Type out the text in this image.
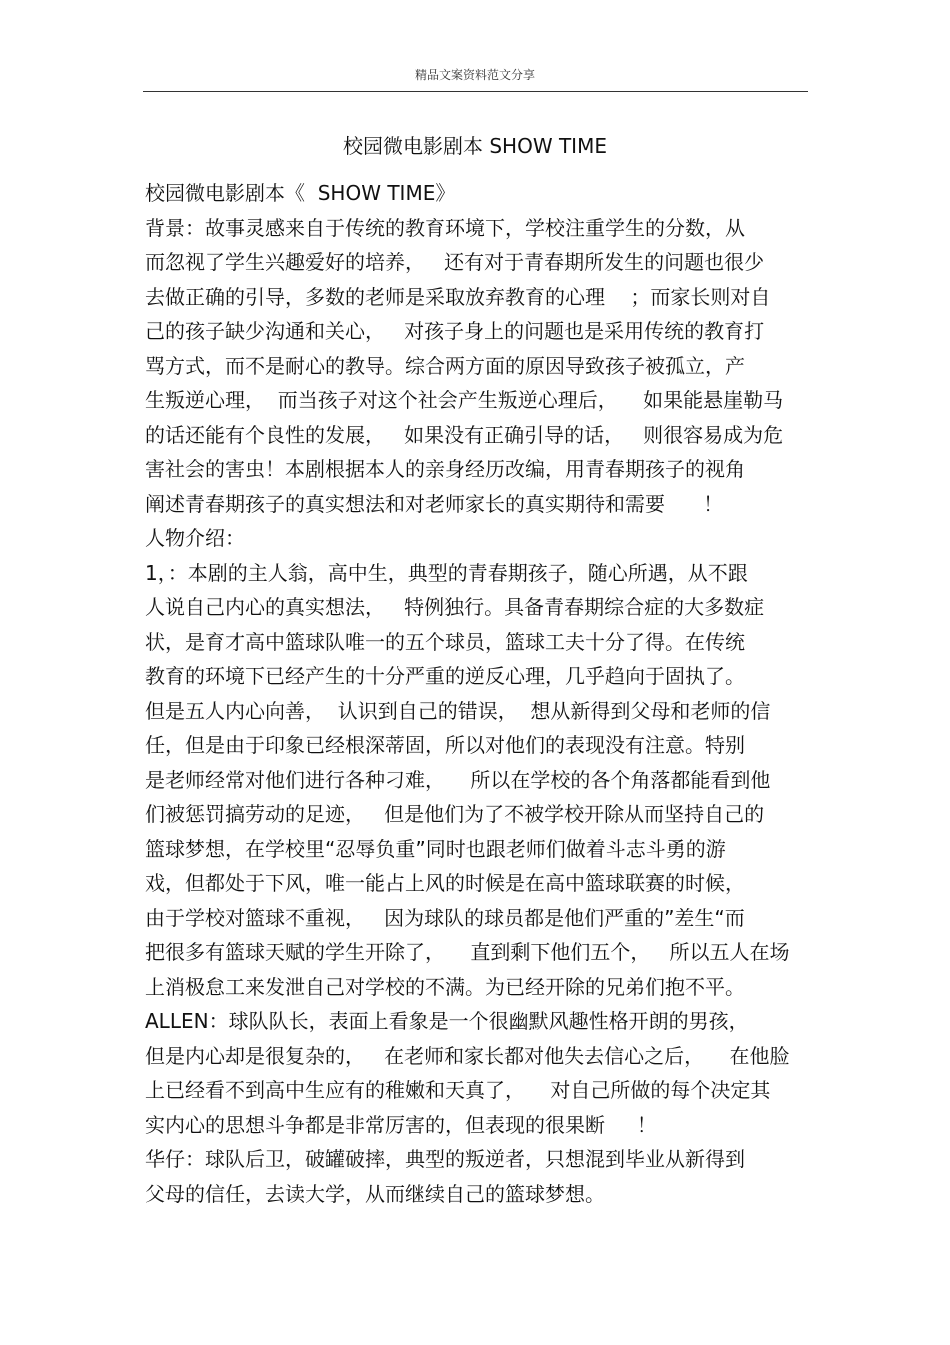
精品文案资料范文分享
校园微电影剧本 SHOW TIME
校园微电影剧本《  SHOW TIME》
背景：故事灵感来自于传统的教育环境下，学校注重学生的分数，从
而忽视了学生兴趣爱好的培养，   还有对于青春期所发生的问题也很少
去做正确的引导，多数的老师是采取放弃教育的心理    ；而家长则对自
己的孩子缺少沟通和关心，   对孩子身上的问题也是采用传统的教育打
骂方式，而不是耐心的教导。综合两方面的原因导致孩子被孤立，产
生叛逆心理，  而当孩子对这个社会产生叛逆心理后，    如果能悬崖勒马
的话还能有个良性的发展，   如果没有正确引导的话，   则很容易成为危
害社会的害虫！本剧根据本人的亲身经历改编，用青春期孩子的视角
阐述青春期孩子的真实想法和对老师家长的真实期待和需要      ！
人物介绍：
1，：本剧的主人翁，高中生，典型的青春期孩子，随心所遇，从不跟
人说自己内心的真实想法，   特例独行。具备青春期综合症的大多数症
状，是育才高中篮球队唯一的五个球员，篮球工夫十分了得。在传统
教育的环境下已经产生的十分严重的逆反心理，几乎趋向于固执了。
但是五人内心向善，  认识到自己的错误，  想从新得到父母和老师的信
任，但是由于印象已经根深蒂固，所以对他们的表现没有注意。特别
是老师经常对他们进行各种刁难，    所以在学校的各个角落都能看到他
们被惩罚搞劳动的足迹，   但是他们为了不被学校开除从而坚持自己的
篮球梦想，在学校里“忍辱负重”同时也跟老师们做着斗志斗勇的游
戏，但都处于下风，唯一能占上风的时候是在高中篮球联赛的时候，
由于学校对篮球不重视，   因为球队的球员都是他们严重的”差生“而
把很多有篮球天赋的学生开除了，    直到剩下他们五个，   所以五人在场
上消极怠工来发泄自己对学校的不满。为已经开除的兄弟们抱不平。
ALLEN：球队队长，表面上看象是一个很幽默风趣性格开朗的男孩，
但是内心却是很复杂的，   在老师和家长都对他失去信心之后，    在他脸
上已经看不到高中生应有的稚嫩和天真了，    对自己所做的每个决定其
实内心的思想斗争都是非常厉害的，但表现的很果断     ！
华仔：球队后卫，破罐破摔，典型的叛逆者，只想混到毕业从新得到
父母的信任，去读大学，从而继续自己的篮球梦想。
